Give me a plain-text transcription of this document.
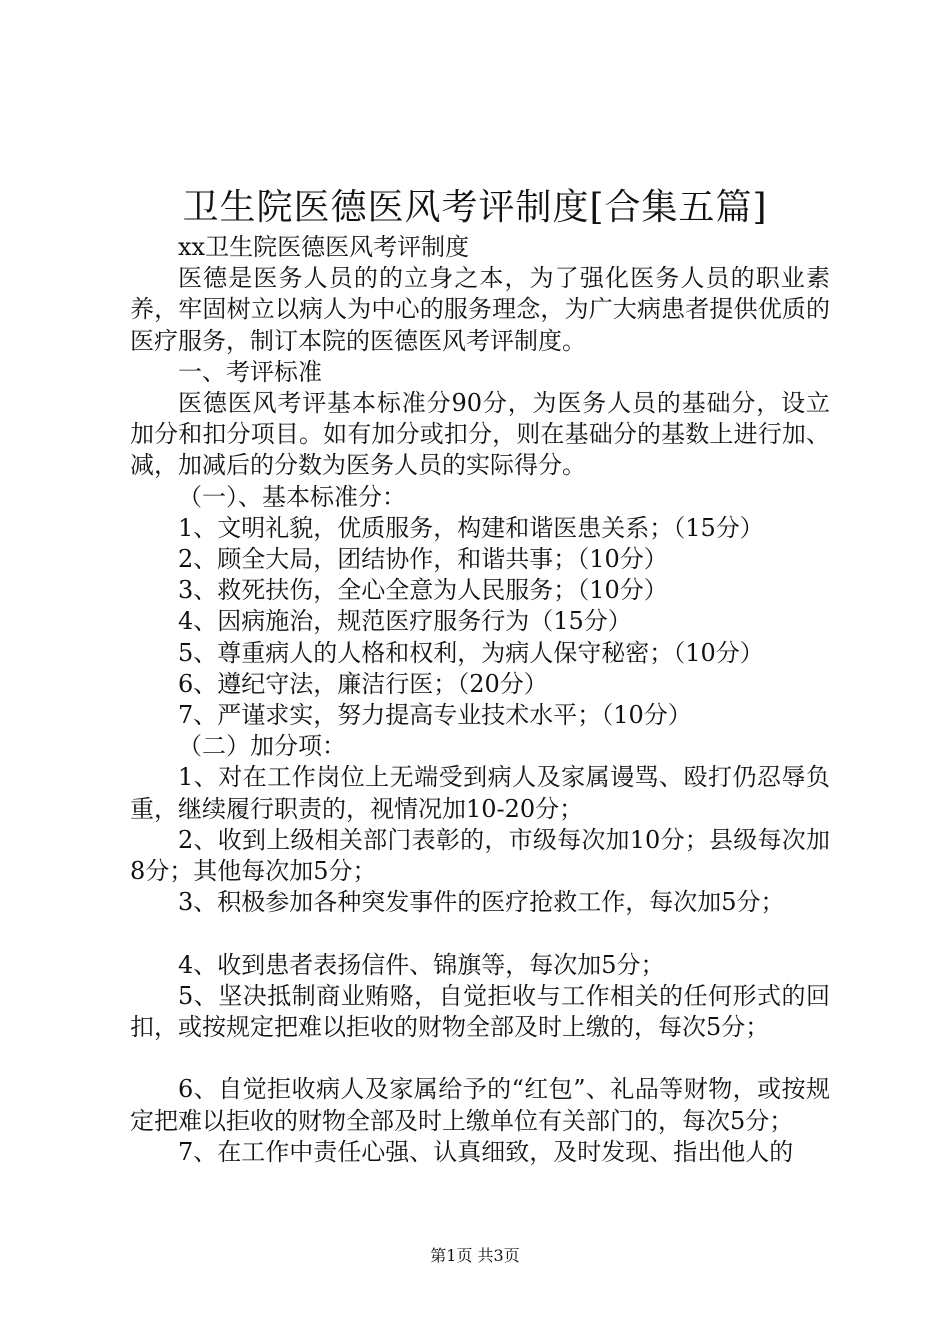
卫生院医德医风考评制度[合集五篇]

xx卫生院医德医风考评制度

医德是医务人员的的立身之本，为了强化医务人员的职业素养，牢固树立以病人为中心的服务理念，为广大病患者提供优质的医疗服务，制订本院的医德医风考评制度。

一、考评标准

医德医风考评基本标准分90分，为医务人员的基础分，设立加分和扣分项目。如有加分或扣分，则在基础分的基数上进行加、减，加减后的分数为医务人员的实际得分。

（一）、基本标准分：

1、文明礼貌，优质服务，构建和谐医患关系；（15分）

2、顾全大局，团结协作，和谐共事；（10分）

3、救死扶伤，全心全意为人民服务；（10分）

4、因病施治，规范医疗服务行为（15分）

5、尊重病人的人格和权利，为病人保守秘密；（10分）

6、遵纪守法，廉洁行医；（20分）

7、严谨求实，努力提高专业技术水平；（10分）

（二）加分项：

1、对在工作岗位上无端受到病人及家属谩骂、殴打仍忍辱负重，继续履行职责的，视情况加10-20分；

2、收到上级相关部门表彰的，市级每次加10分；县级每次加8分；其他每次加5分；

3、积极参加各种突发事件的医疗抢救工作，每次加5分；

4、收到患者表扬信件、锦旗等，每次加5分；

5、坚决抵制商业贿赂，自觉拒收与工作相关的任何形式的回扣，或按规定把难以拒收的财物全部及时上缴的，每次5分；

6、自觉拒收病人及家属给予的“红包”、礼品等财物，或按规定把难以拒收的财物全部及时上缴单位有关部门的，每次5分；

7、在工作中责任心强、认真细致，及时发现、指出他人的

第1页 共3页
